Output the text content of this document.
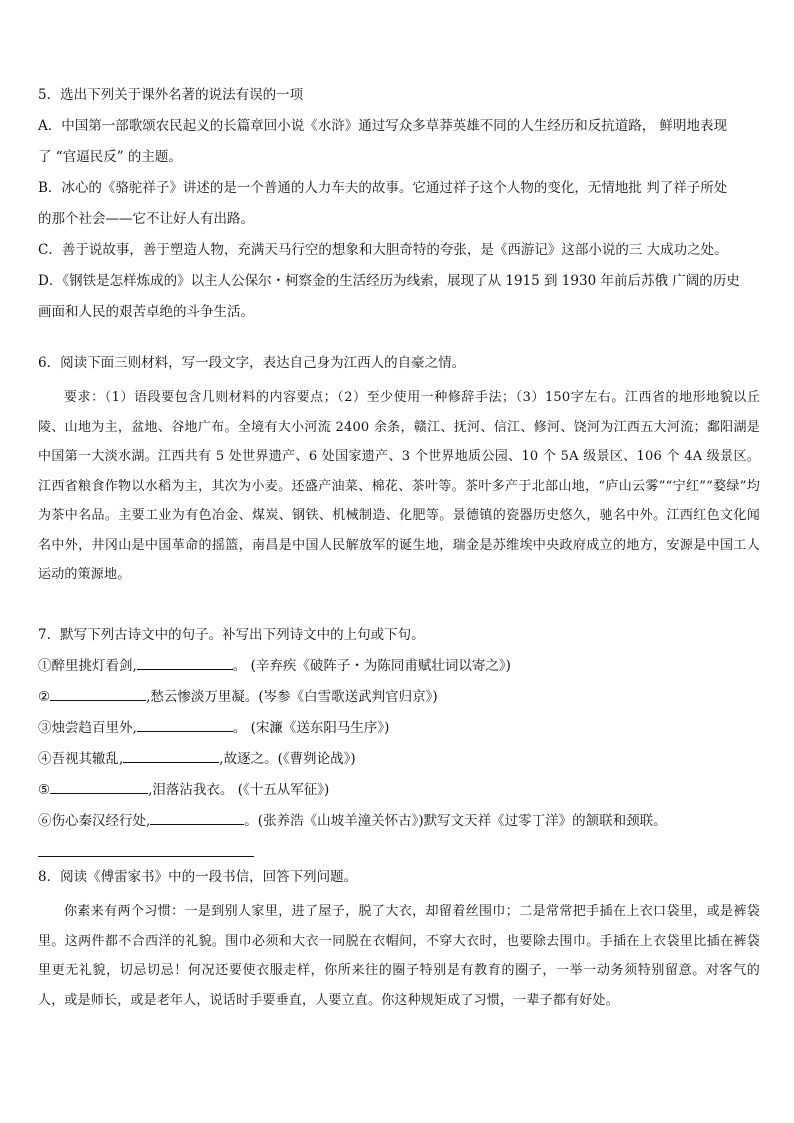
5．选出下列关于课外名著的说法有误的一项
A．中国第一部歌颂农民起义的长篇章回小说《水浒》通过写众多草莽英雄不同的人生经历和反抗道路， 鲜明地表现
了 “官逼民反” 的主题。
B．冰心的《骆驼祥子》讲述的是一个普通的人力车夫的故事。它通过祥子这个人物的变化，无情地批 判了祥子所处
的那个社会——它不让好人有出路。
C．善于说故事，善于塑造人物，充满天马行空的想象和大胆奇特的夸张，是《西游记》这部小说的三 大成功之处。
D．《钢铁是怎样炼成的》以主人公保尔・柯察金的生活经历为线索，展现了从 1915 到 1930 年前后苏俄 广阔的历史
画面和人民的艰苦卓绝的斗争生活。
6．阅读下面三则材料，写一段文字，表达自己身为江西人的自豪之情。
要求：（1）语段要包含几则材料的内容要点；（2）至少使用一种修辞手法；（3）150字左右。江西省的地形地貌以丘陵、山地为主，盆地、谷地广布。全境有大小河流 2400 余条，赣江、抚河、信江、修河、饶河为江西五大河流；鄱阳湖是中国第一大淡水湖。江西共有 5 处世界遗产、6 处国家遗产、3 个世界地质公园、10 个 5A 级景区、106 个 4A 级景区。江西省粮食作物以水稻为主，其次为小麦。还盛产油菜、棉花、茶叶等。茶叶多产于北部山地，“庐山云雾”“宁红”“婺绿”均为茶中名品。主要工业为有色冶金、煤炭、钢铁、机械制造、化肥等。景德镇的瓷器历史悠久，驰名中外。江西红色文化闻名中外，井冈山是中国革命的摇篮，南昌是中国人民解放军的诞生地，瑞金是苏维埃中央政府成立的地方，安源是中国工人运动的策源地。
7．默写下列古诗文中的句子。补写出下列诗文中的上句或下句。
①醉里挑灯看剑,	。 (辛弃疾《破阵子・为陈同甫赋壮词以寄之》)
②	,愁云惨淡万里凝。(岑参《白雪歌送武判官归京》)
③烛尝趋百里外,	。 (宋濂《送东阳马生序》)
④吾视其辙乱,	,故逐之。(《曹刿论战》)
⑤	,泪落沾我衣。 (《十五从军征》)
⑥伤心秦汉经行处,	。(张养浩《山坡羊潼关怀古》)默写文天祥《过零丁洋》的颔联和颈联。
8．阅读《傅雷家书》中的一段书信，回答下列问题。
你素来有两个习惯：一是到别人家里，进了屋子，脱了大衣，却留着丝围巾；二是常常把手插在上衣口袋里，或是裤袋里。这两件都不合西洋的礼貌。围巾必须和大衣一同脱在衣帽间，不穿大衣时，也要除去围巾。手插在上衣袋里比插在裤袋里更无礼貌，切忌切忌！何况还要使衣服走样，你所来往的圈子特别是有教育的圈子，一举一动务须特别留意。对客气的人，或是师长，或是老年人，说话时手要垂直，人要立直。你这种规矩成了习惯，一辈子都有好处。
